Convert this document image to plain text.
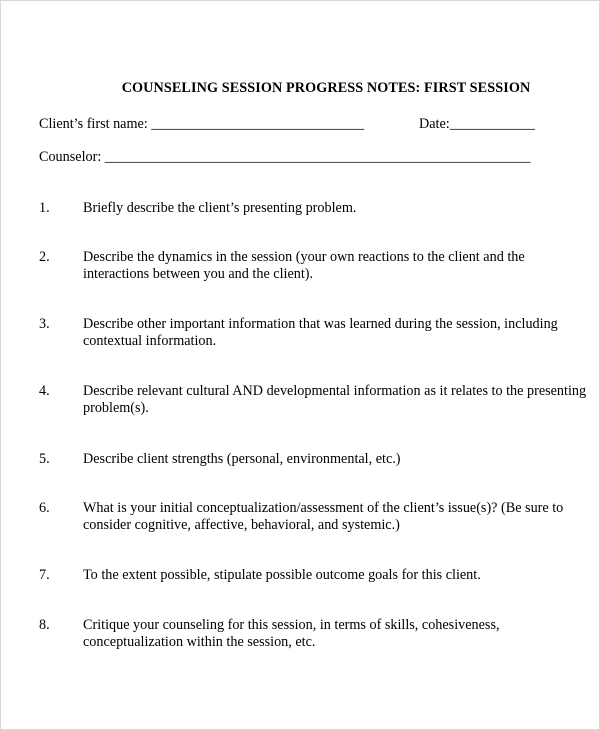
COUNSELING SESSION PROGRESS NOTES: FIRST SESSION
Client’s first name: ______________________________	Date:____________
Counselor: ____________________________________________________________
1.	Briefly describe the client’s presenting problem.
2.	Describe the dynamics in the session (your own reactions to the client and the
interactions between you and the client).
3.	Describe other important information that was learned during the session, including
contextual information.
4.	Describe relevant cultural AND developmental information as it relates to the presenting
problem(s).
5.	Describe client strengths (personal, environmental, etc.)
6.	What is your initial conceptualization/assessment of the client’s issue(s)? (Be sure to
consider cognitive, affective, behavioral, and systemic.)
7.	To the extent possible, stipulate possible outcome goals for this client.
8.	Critique your counseling for this session, in terms of skills, cohesiveness,
conceptualization within the session, etc.
